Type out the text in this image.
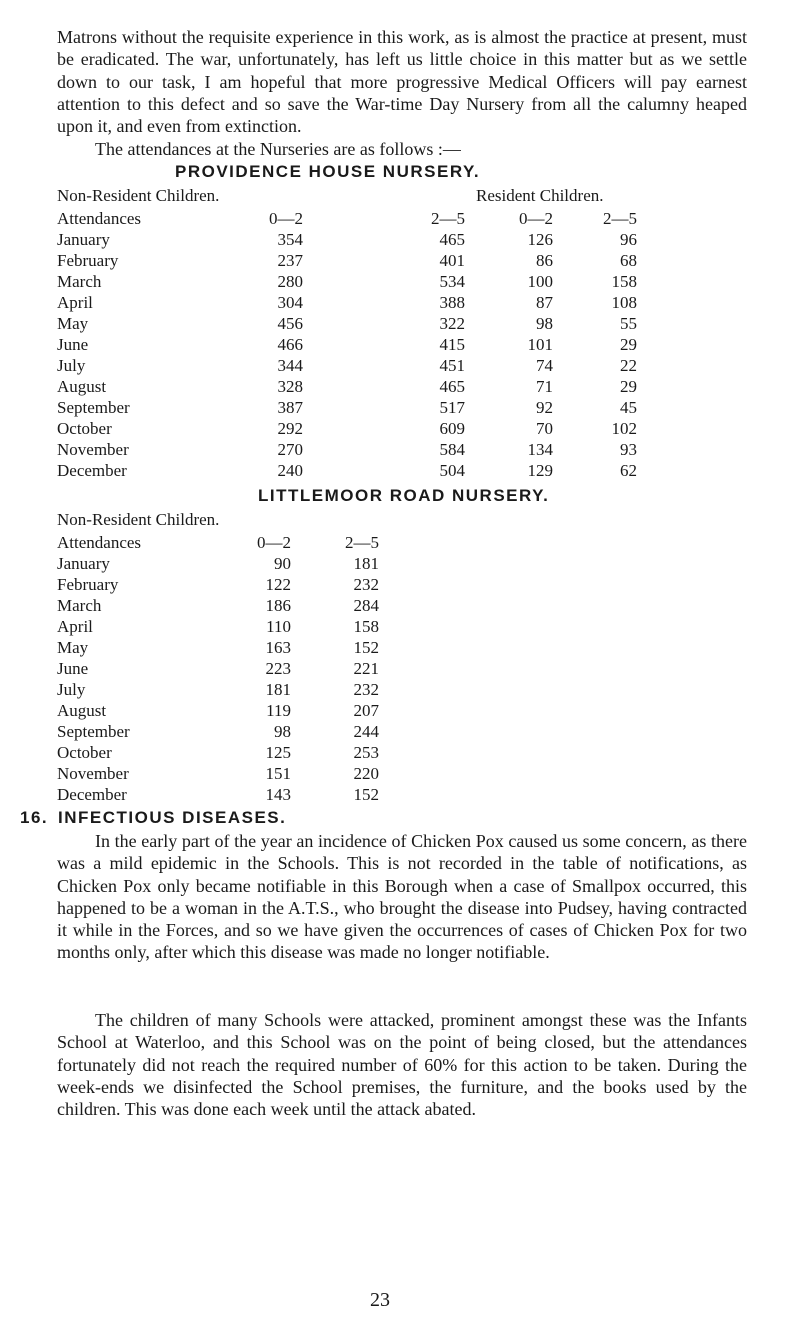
Matrons without the requisite experience in this work, as is almost the practice at present, must be eradicated. The war, unfortunately, has left us little choice in this matter but as we settle down to our task, I am hopeful that more progressive Medical Officers will pay earnest attention to this defect and so save the War-time Day Nursery from all the calumny heaped upon it, and even from extinction.

The attendances at the Nurseries are as follows :—

PROVIDENCE HOUSE NURSERY.
Non-Resident Children.	Resident Children.
Attendances	0—2	2—5	0—2	2—5
January	354	465	126	96
February	237	401	86	68
March	280	534	100	158
April	304	388	87	108
May	456	322	98	55
June	466	415	101	29
July	344	451	74	22
August	328	465	71	29
September	387	517	92	45
October	292	609	70	102
November	270	584	134	93
December	240	504	129	62
LITTLEMOOR ROAD NURSERY.
Non-Resident Children.
Attendances	0—2	2—5
January	90	181
February	122	232
March	186	284
April	110	158
May	163	152
June	223	221
July	181	232
August	119	207
September	98	244
October	125	253
November	151	220
December	143	152
16. INFECTIOUS DISEASES.

In the early part of the year an incidence of Chicken Pox caused us some concern, as there was a mild epidemic in the Schools. This is not recorded in the table of notifications, as Chicken Pox only became notifiable in this Borough when a case of Smallpox occurred, this happened to be a woman in the A.T.S., who brought the disease into Pudsey, having contracted it while in the Forces, and so we have given the occurrences of cases of Chicken Pox for two months only, after which this disease was made no longer notifiable.

The children of many Schools were attacked, prominent amongst these was the Infants School at Waterloo, and this School was on the point of being closed, but the attendances fortunately did not reach the required number of 60% for this action to be taken. During the week-ends we disinfected the School premises, the furniture, and the books used by the children. This was done each week until the attack abated.

23
